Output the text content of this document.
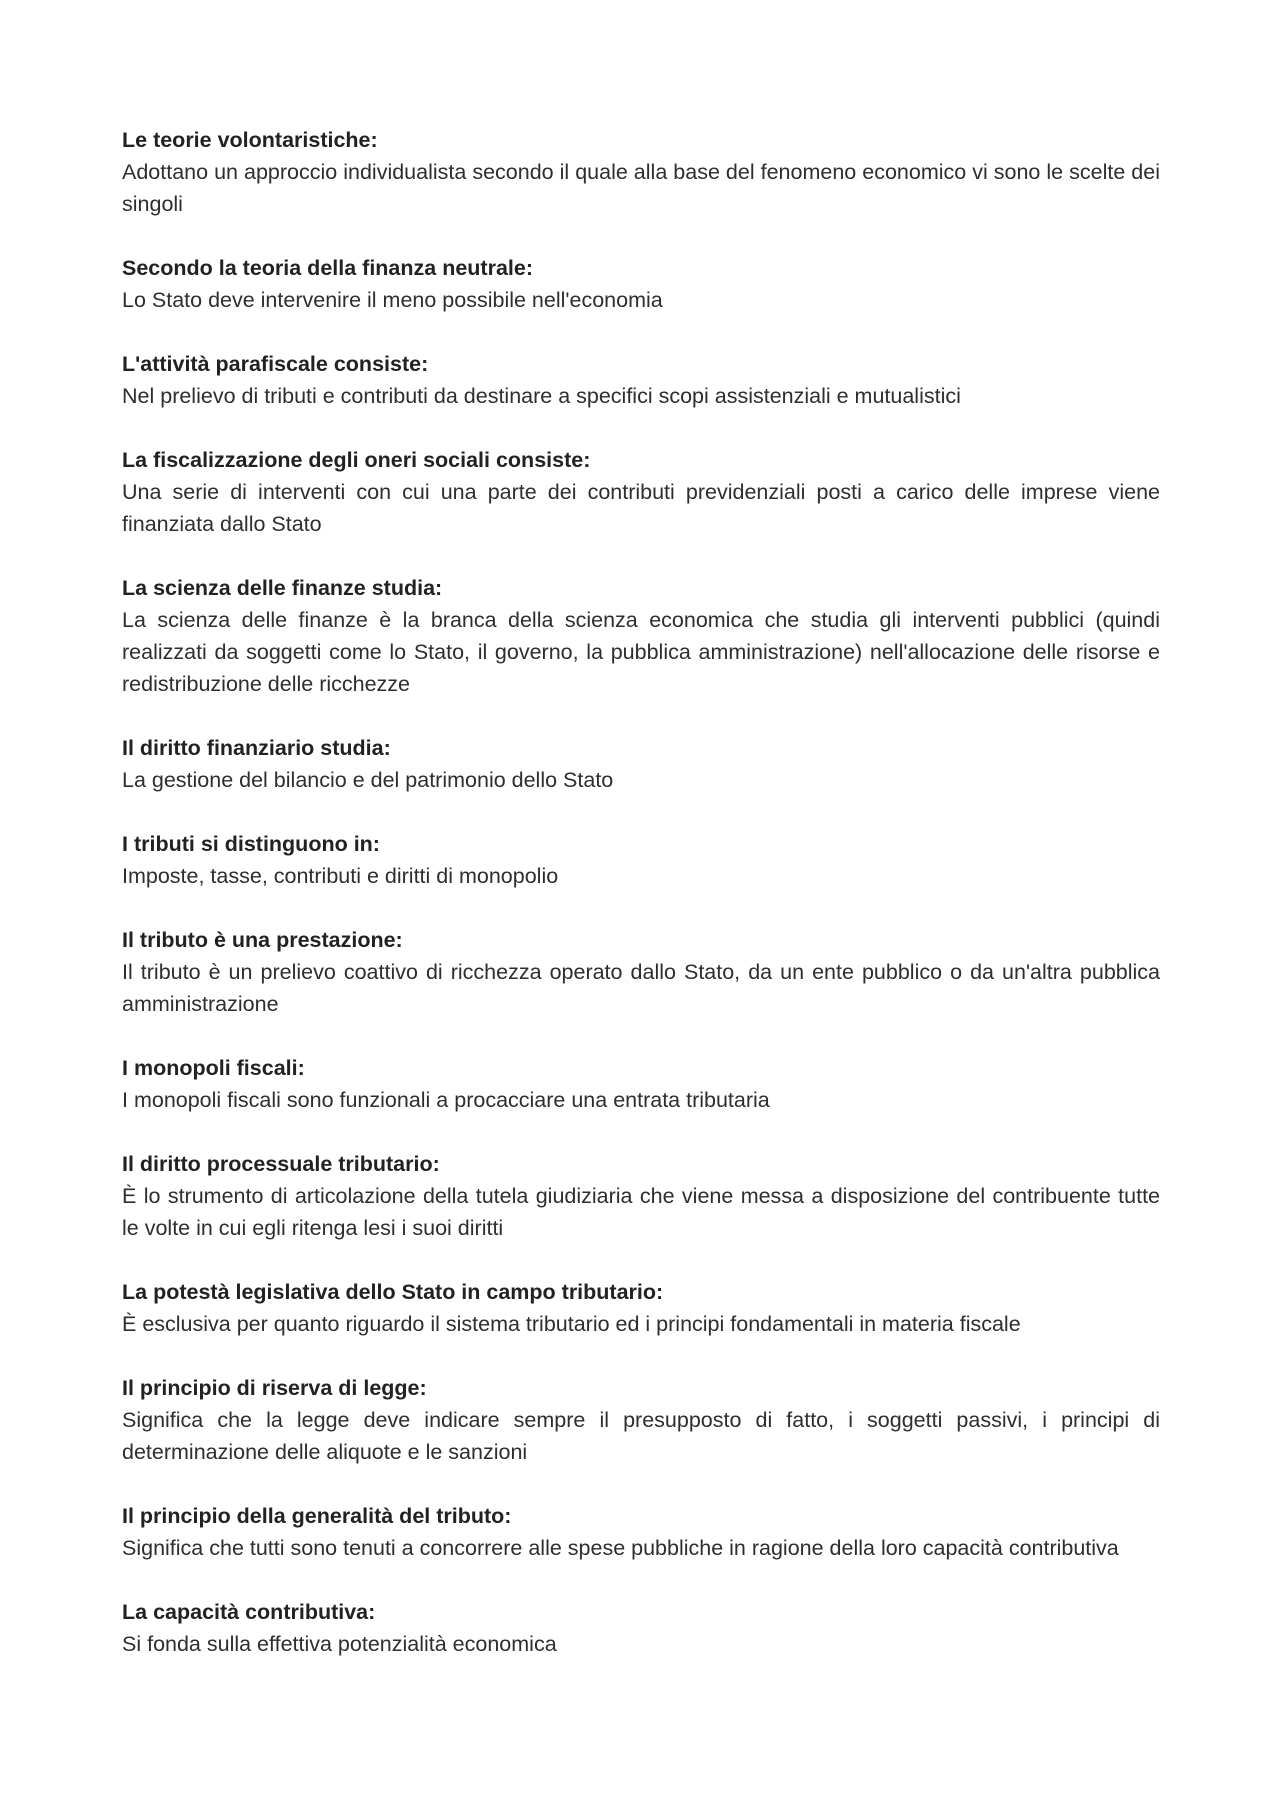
Le teorie volontaristiche:
Adottano un approccio individualista secondo il quale alla base del fenomeno economico vi sono le scelte dei singoli
Secondo la teoria della finanza neutrale:
Lo Stato deve intervenire il meno possibile nell'economia
L'attività parafiscale consiste:
Nel prelievo di tributi e contributi da destinare a specifici scopi assistenziali e mutualistici
La fiscalizzazione degli oneri sociali consiste:
Una serie di interventi con cui una parte dei contributi previdenziali posti a carico delle imprese viene finanziata dallo Stato
La scienza delle finanze studia:
La scienza delle finanze è la branca della scienza economica che studia gli interventi pubblici (quindi realizzati da soggetti come lo Stato, il governo, la pubblica amministrazione) nell'allocazione delle risorse e redistribuzione delle ricchezze
Il diritto finanziario studia:
La gestione del bilancio e del patrimonio dello Stato
I tributi si distinguono in:
Imposte, tasse, contributi e diritti di monopolio
Il tributo è una prestazione:
Il tributo è un prelievo coattivo di ricchezza operato dallo Stato, da un ente pubblico o da un'altra pubblica amministrazione
I monopoli fiscali:
I monopoli fiscali sono funzionali a procacciare una entrata tributaria
Il diritto processuale tributario:
È lo strumento di articolazione della tutela giudiziaria che viene messa a disposizione del contribuente tutte le volte in cui egli ritenga lesi i suoi diritti
La potestà legislativa dello Stato in campo tributario:
È esclusiva per quanto riguardo il sistema tributario ed i principi fondamentali in materia fiscale
Il principio di riserva di legge:
Significa che la legge deve indicare sempre il presupposto di fatto, i soggetti passivi, i principi di determinazione delle aliquote e le sanzioni
Il principio della generalità del tributo:
Significa che tutti sono tenuti a concorrere alle spese pubbliche in ragione della loro capacità contributiva
La capacità contributiva:
Si fonda sulla effettiva potenzialità economica
